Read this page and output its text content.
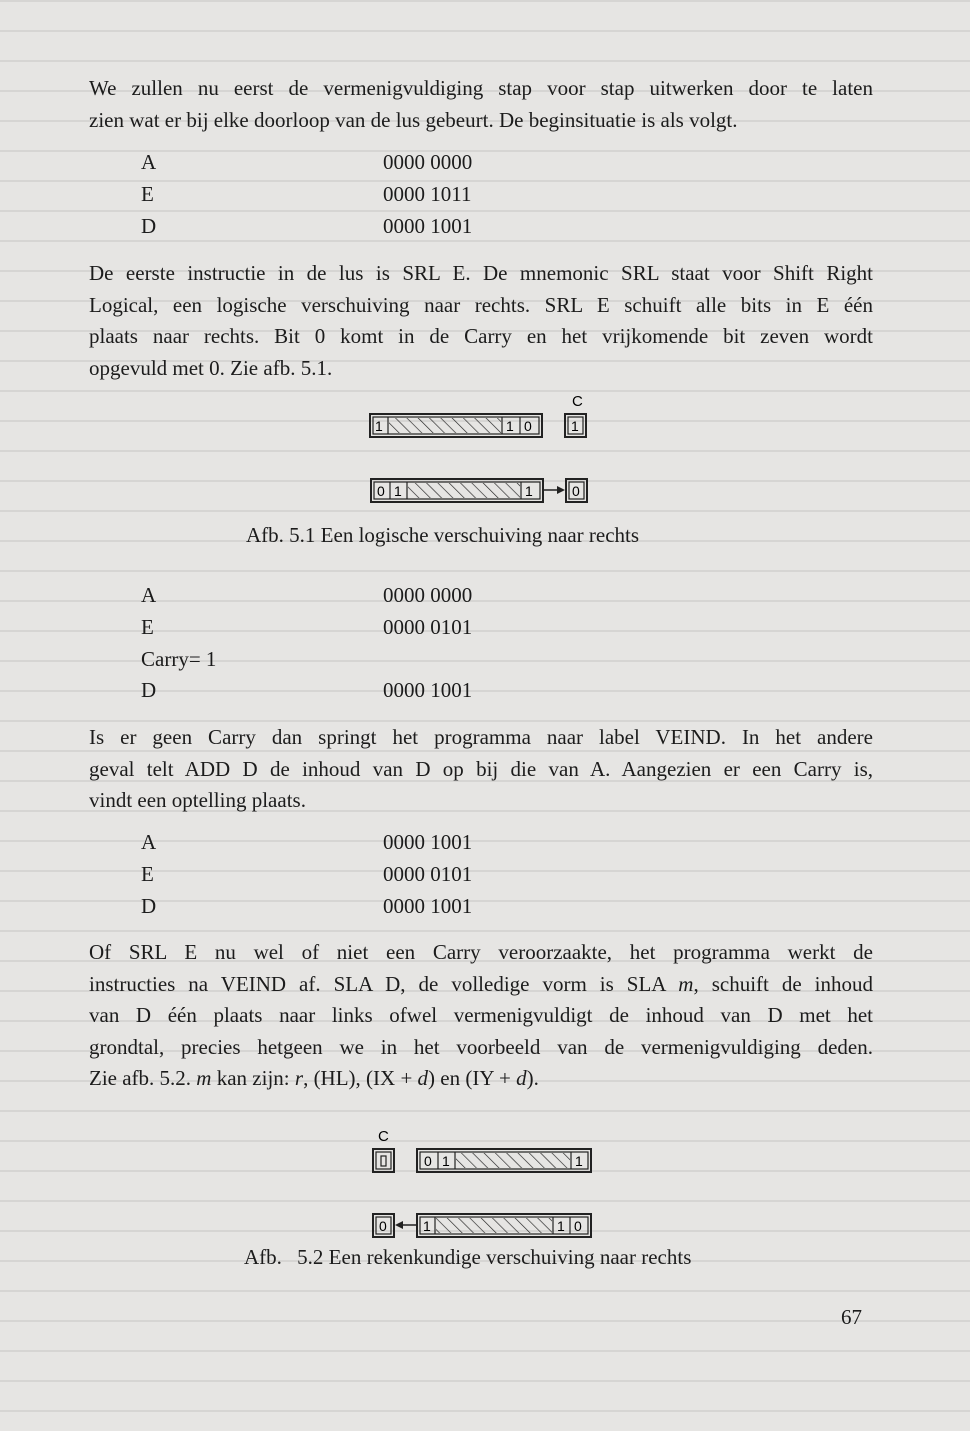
We zullen nu eerst de vermenigvuldiging stap voor stap uitwerken door te laten
zien wat er bij elke doorloop van de lus gebeurt. De beginsituatie is als volgt.
A	0000 0000
E	0000 1011
D	0000 1001
De eerste instructie in de lus is SRL E. De mnemonic SRL staat voor Shift Right
Logical, een logische verschuiving naar rechts. SRL E schuift alle bits in E één
plaats naar rechts. Bit 0 komt in de Carry en het vrijkomende bit zeven wordt
opgevuld met 0. Zie afb. 5.1.
C
1	1 0	1
0 1	1	0
Afb. 5.1 Een logische verschuiving naar rechts
A	0000 0000
E	0000 0101
Carry= 1
D	0000 1001
Is er geen Carry dan springt het programma naar label VEIND. In het andere
geval telt ADD D de inhoud van D op bij die van A. Aangezien er een Carry is,
vindt een optelling plaats.
A	0000 1001
E	0000 0101
D	0000 1001
Of SRL E nu wel of niet een Carry veroorzaakte, het programma werkt de
instructies na VEIND af. SLA D, de volledige vorm is SLA m, schuift de inhoud
van D één plaats naar links ofwel vermenigvuldigt de inhoud van D met het
grondtal, precies hetgeen we in het voorbeeld van de vermenigvuldiging deden.
Zie afb. 5.2. m kan zijn: r, (HL), (IX + d) en (IY + d).
C
0 1	1
0	1	1 0
Afb. 5.2 Een rekenkundige verschuiving naar rechts
67
